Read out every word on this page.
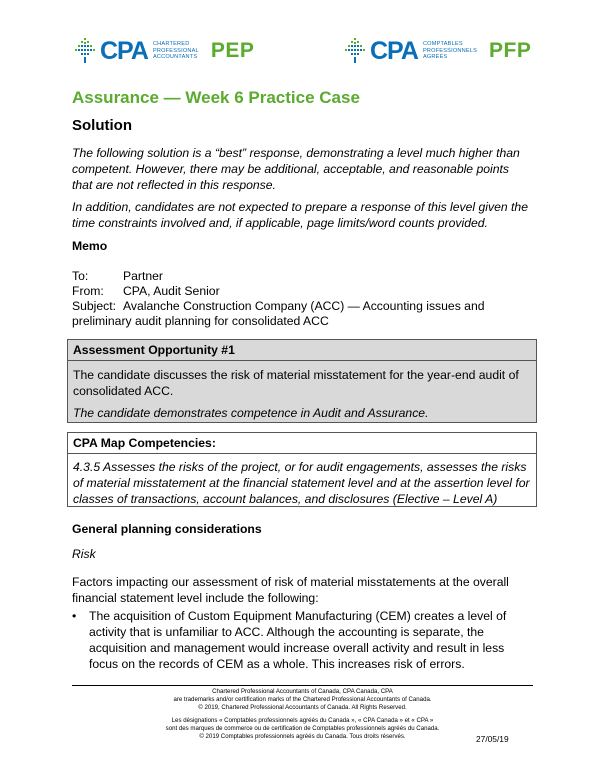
CPA CHARTERED
PROFESSIONAL
ACCOUNTANTS PEP	CPA COMPTABLES
PROFESSIONNELS
AGRÉÉS	PFP
Assurance — Week 6 Practice Case
Solution
The following solution is a “best” response, demonstrating a level much higher than competent. However, there may be additional, acceptable, and reasonable points that are not reflected in this response.
In addition, candidates are not expected to prepare a response of this level given the time constraints involved and, if applicable, page limits/word counts provided.
Memo
To:	Partner
From: CPA, Audit Senior
Subject: Avalanche Construction Company (ACC) — Accounting issues and
preliminary audit planning for consolidated ACC
Assessment Opportunity #1
The candidate discusses the risk of material misstatement for the year-end audit of consolidated ACC.
The candidate demonstrates competence in Audit and Assurance.
CPA Map Competencies:
4.3.5 Assesses the risks of the project, or for audit engagements, assesses the risks of material misstatement at the financial statement level and at the assertion level for classes of transactions, account balances, and disclosures (Elective – Level A)
General planning considerations
Risk
Factors impacting our assessment of risk of material misstatements at the overall financial statement level include the following:
•	The acquisition of Custom Equipment Manufacturing (CEM) creates a level of activity that is unfamiliar to ACC. Although the accounting is separate, the acquisition and management would increase overall activity and result in less focus on the records of CEM as a whole. This increases risk of errors.
Chartered Professional Accountants of Canada, CPA Canada, CPA
are trademarks and/or certification marks of the Chartered Professional Accountants of Canada.
© 2019, Chartered Professional Accountants of Canada. All Rights Reserved.
Les désignations « Comptables professionnels agréés du Canada », « CPA Canada » et « CPA »
sont des marques de commerce ou de certification de Comptables professionnels agréés du Canada.
© 2019 Comptables professionnels agréés du Canada. Tous droits réservés.	27/05/19
